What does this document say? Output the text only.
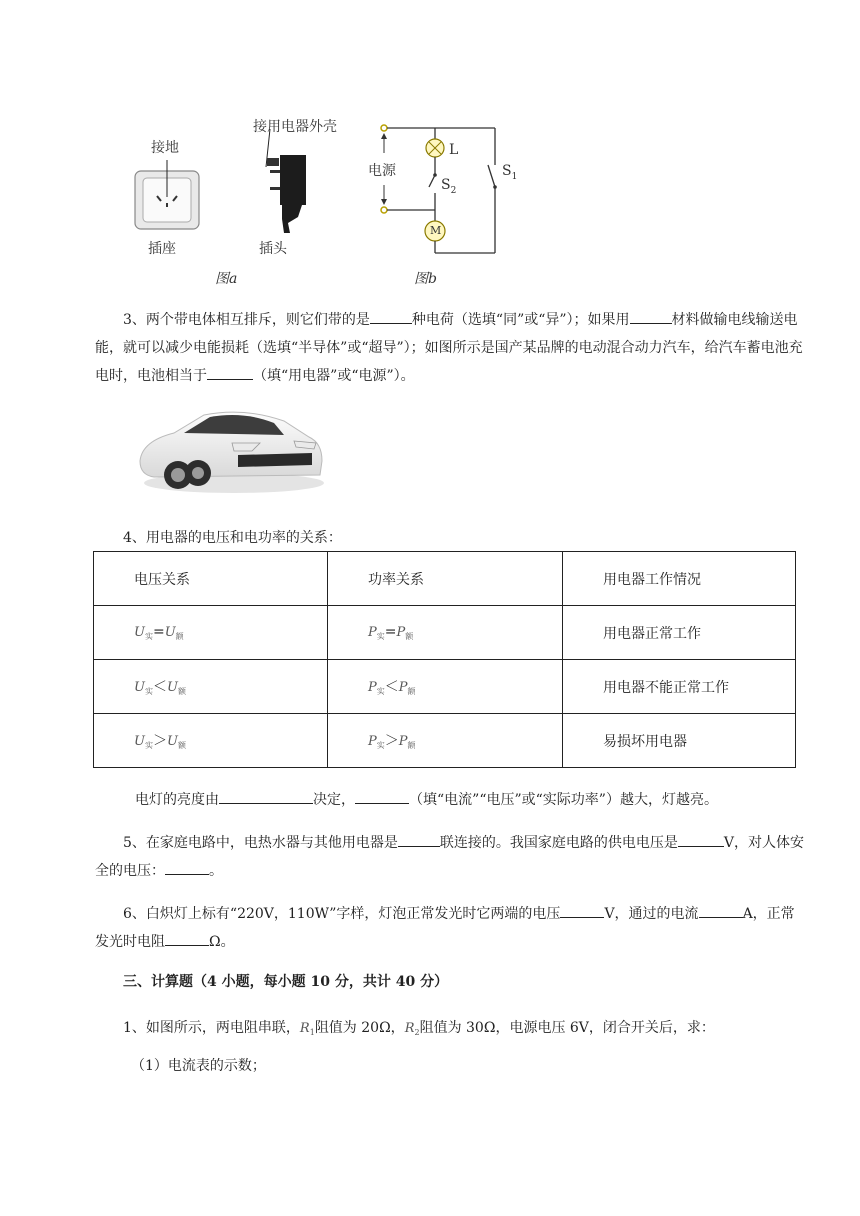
接地
接用电器外壳
插座	插头
图a
电源
L
$S_2$
$S_1$
M
图b
3、两个带电体相互排斥，则它们带的是	种电荷（选填“同”或“异”）；如果用	材料做输电线输送电能，就可以减少电能损耗（选填“半导体”或“超导”）；如图所示是国产某品牌的电动混合动力汽车，给汽车蓄电池充电时，电池相当于	（填“用电器”或“电源”）。
4、用电器的电压和电功率的关系：
电压关系	功率关系	用电器工作情况
$U_实=U_额$	$P_实=P_额$	用电器正常工作
$U_实<U_额$	$P_实<P_额$	用电器不能正常工作
$U_实>U_额$	$P_实>P_额$	易损坏用电器
电灯的亮度由	决定，	（填“电流”“电压”或“实际功率”）越大，灯越亮。
5、在家庭电路中，电热水器与其他用电器是	联连接的。我国家庭电路的供电电压是	V，对人体安全的电压：	。
6、白炽灯上标有“220V，110W”字样，灯泡正常发光时它两端的电压	V，通过的电流	A，正常发光时电阻	Ω。
三、计算题（4 小题，每小题 10 分，共计 40 分）
1、如图所示，两电阻串联，$R_1$阻值为 20Ω，$R_2$阻值为 30Ω，电源电压 6V，闭合开关后，求：
（1）电流表的示数；
